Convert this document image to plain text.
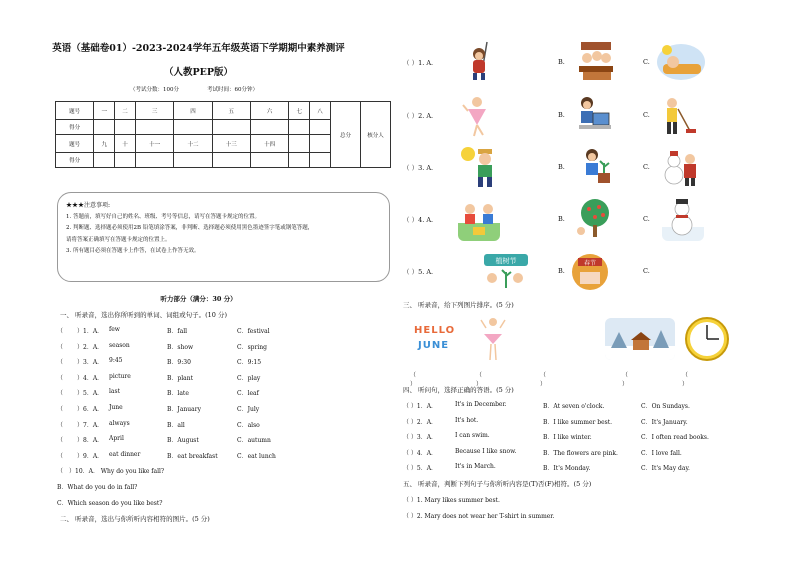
英语（基础卷01）-2023-2024学年五年级英语下学期期中素养测评
（人教PEP版）
（考试分数：100分	考试时间：60分钟）
题号	一	二	三	四	五	六	七	八	总分	核分人
得分										
题号	九	十	十一	十二	十三	十四				
得分										
★★★注意事项:
1. 答题前，填写好自己的姓名、班级、考号等信息，请写在答题卡规定的位置。
2. 判断题、选择题必须使用2B 铅笔填涂答案，非判断、选择题必须使用黑色墨迹签字笔或钢笔答题，
请将答案正确填写在答题卡规定的位置上。
3. 所有题目必须在答题卡上作答，在试卷上作答无效。
听力部分（满分：30 分）
一、 听录音，选出你所听到的单词、词组或句子。(10 分)
（ ）1．A． few	B．fall	C．festival
（ ）2．A． season	B．show	C．spring
（ ）3．A． 9:45	B．9:30	C．9:15
（ ）4．A． picture	B．plant	C．play
（ ）5．A． last	B．late	C．leaf
（ ）6．A． June	B．January	C．July
（ ）7．A． always	B．all	C．also
（ ）8．A． April	B．August	C．autumn
（ ）9．A． eat dinner	B．eat breakfast	C．eat lunch
（ ）10．A． Why do you like fall?
B．What do you do in fall?
C．Which season do you like best?
二、 听录音，选出与你所听内容相符的图片。(5 分)
（ ）1. A.	B.	C.
（ ）2. A.	B.	C.
（ ）3. A.	B.	C.
（ ）4. A.	B.	C.
（ ）5. A.	B.	C.
植树节	春节
三、 听录音，给下列图片排序。(5 分)
HELLO
JUNE
（ ）
（ ）
（ ）
（ ）
（ ）
四、 听问句，选择正确的答语。(5 分)
（ ）1．A．	It's in December.	B．At seven o'clock.	C．On Sundays.
（ ）2．A．	It's hot.	B．I like summer best.	C．It's January.
（ ）3．A．	I can swim.	B．I like winter.	C．I often read books.
（ ）4．A．	Because I like snow.	B．The flowers are pink.	C．I love fall.
（ ）5．A．	It's in March.	B．It's Monday.	C．It's May day.
五、 听录音，判断下列句子与你所听内容是(T)否(F)相符。(5 分)
（ ）1. Mary likes summer best.
（ ）2. Mary does not wear her T-shirt in summer.
